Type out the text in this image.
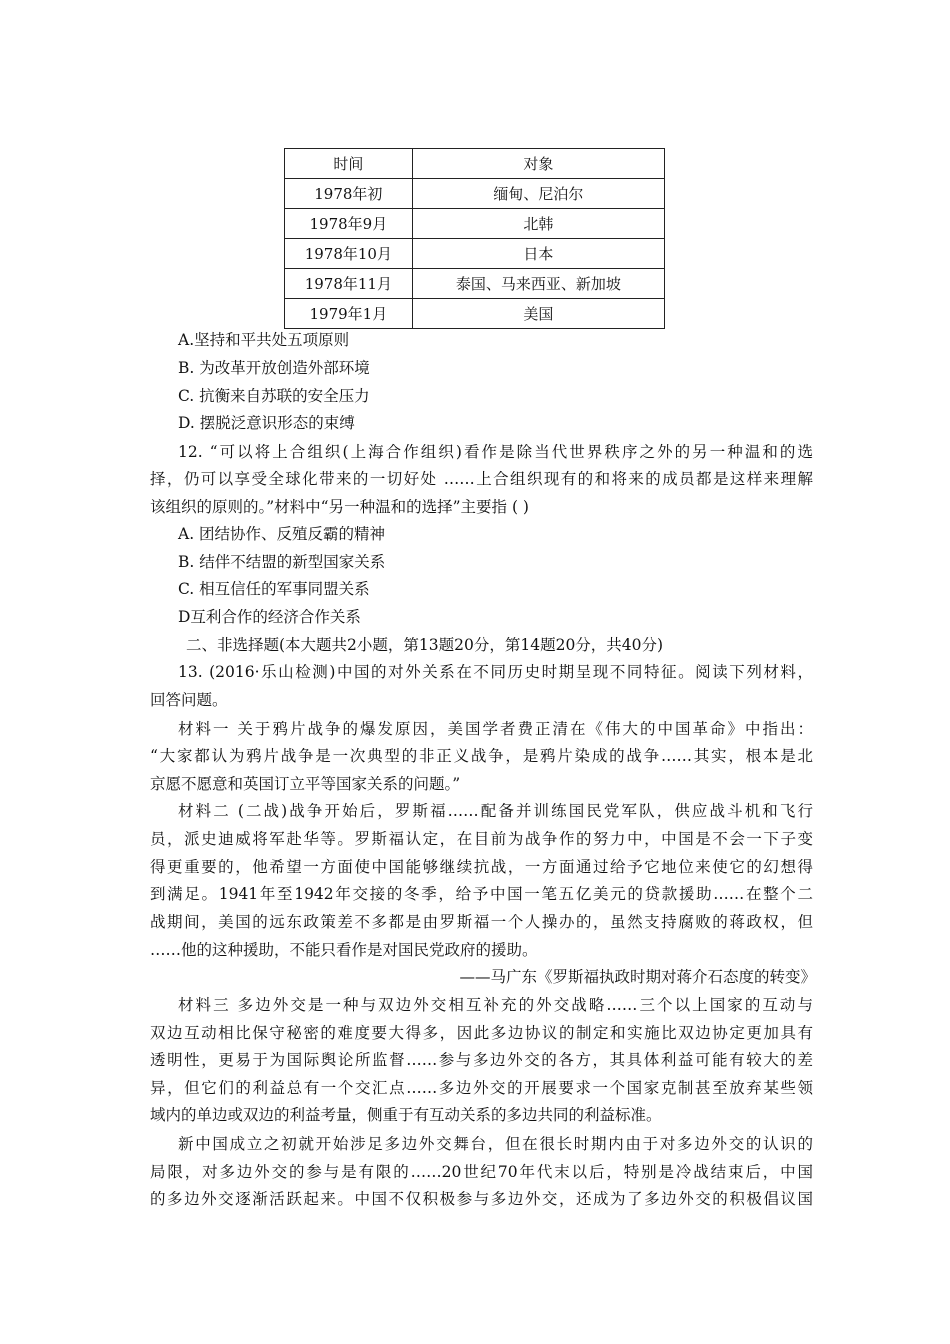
时间	对象
1978年初	缅甸、尼泊尔
1978年9月	北韩
1978年10月	日本
1978年11月	泰国、马来西亚、新加坡
1979年1月	美国
A.坚持和平共处五项原则
B. 为改革开放创造外部环境
C. 抗衡来自苏联的安全压力
D. 摆脱泛意识形态的束缚
12. “可以将上合组织(上海合作组织)看作是除当代世界秩序之外的另一种温和的选
择，仍可以享受全球化带来的一切好处 ……上合组织现有的和将来的成员都是这样来理解
该组织的原则的。”材料中“另一种温和的选择”主要指 ( )
A. 团结协作、反殖反霸的精神
B. 结伴不结盟的新型国家关系
C. 相互信任的军事同盟关系
D互利合作的经济合作关系
二、非选择题(本大题共2小题，第13题20分，第14题20分，共40分)
13. (2016·乐山检测)中国的对外关系在不同历史时期呈现不同特征。阅读下列材料，
回答问题。
材料一 关于鸦片战争的爆发原因，美国学者费正清在《伟大的中国革命》中指出：
“大家都认为鸦片战争是一次典型的非正义战争，是鸦片染成的战争……其实，根本是北
京愿不愿意和英国订立平等国家关系的问题。”
材料二 (二战)战争开始后，罗斯福……配备并训练国民党军队，供应战斗机和飞行
员，派史迪威将军赴华等。罗斯福认定，在目前为战争作的努力中，中国是不会一下子变
得更重要的，他希望一方面使中国能够继续抗战，一方面通过给予它地位来使它的幻想得
到满足。1941年至1942年交接的冬季，给予中国一笔五亿美元的贷款援助……在整个二
战期间，美国的远东政策差不多都是由罗斯福一个人操办的，虽然支持腐败的蒋政权，但
……他的这种援助，不能只看作是对国民党政府的援助。
——马广东《罗斯福执政时期对蒋介石态度的转变》
材料三 多边外交是一种与双边外交相互补充的外交战略……三个以上国家的互动与
双边互动相比保守秘密的难度要大得多，因此多边协议的制定和实施比双边协定更加具有
透明性，更易于为国际舆论所监督……参与多边外交的各方，其具体利益可能有较大的差
异，但它们的利益总有一个交汇点……多边外交的开展要求一个国家克制甚至放弃某些领
域内的单边或双边的利益考量，侧重于有互动关系的多边共同的利益标准。
新中国成立之初就开始涉足多边外交舞台，但在很长时期内由于对多边外交的认识的
局限，对多边外交的参与是有限的……20世纪70年代末以后，特别是冷战结束后，中国
的多边外交逐渐活跃起来。中国不仅积极参与多边外交，还成为了多边外交的积极倡议国
